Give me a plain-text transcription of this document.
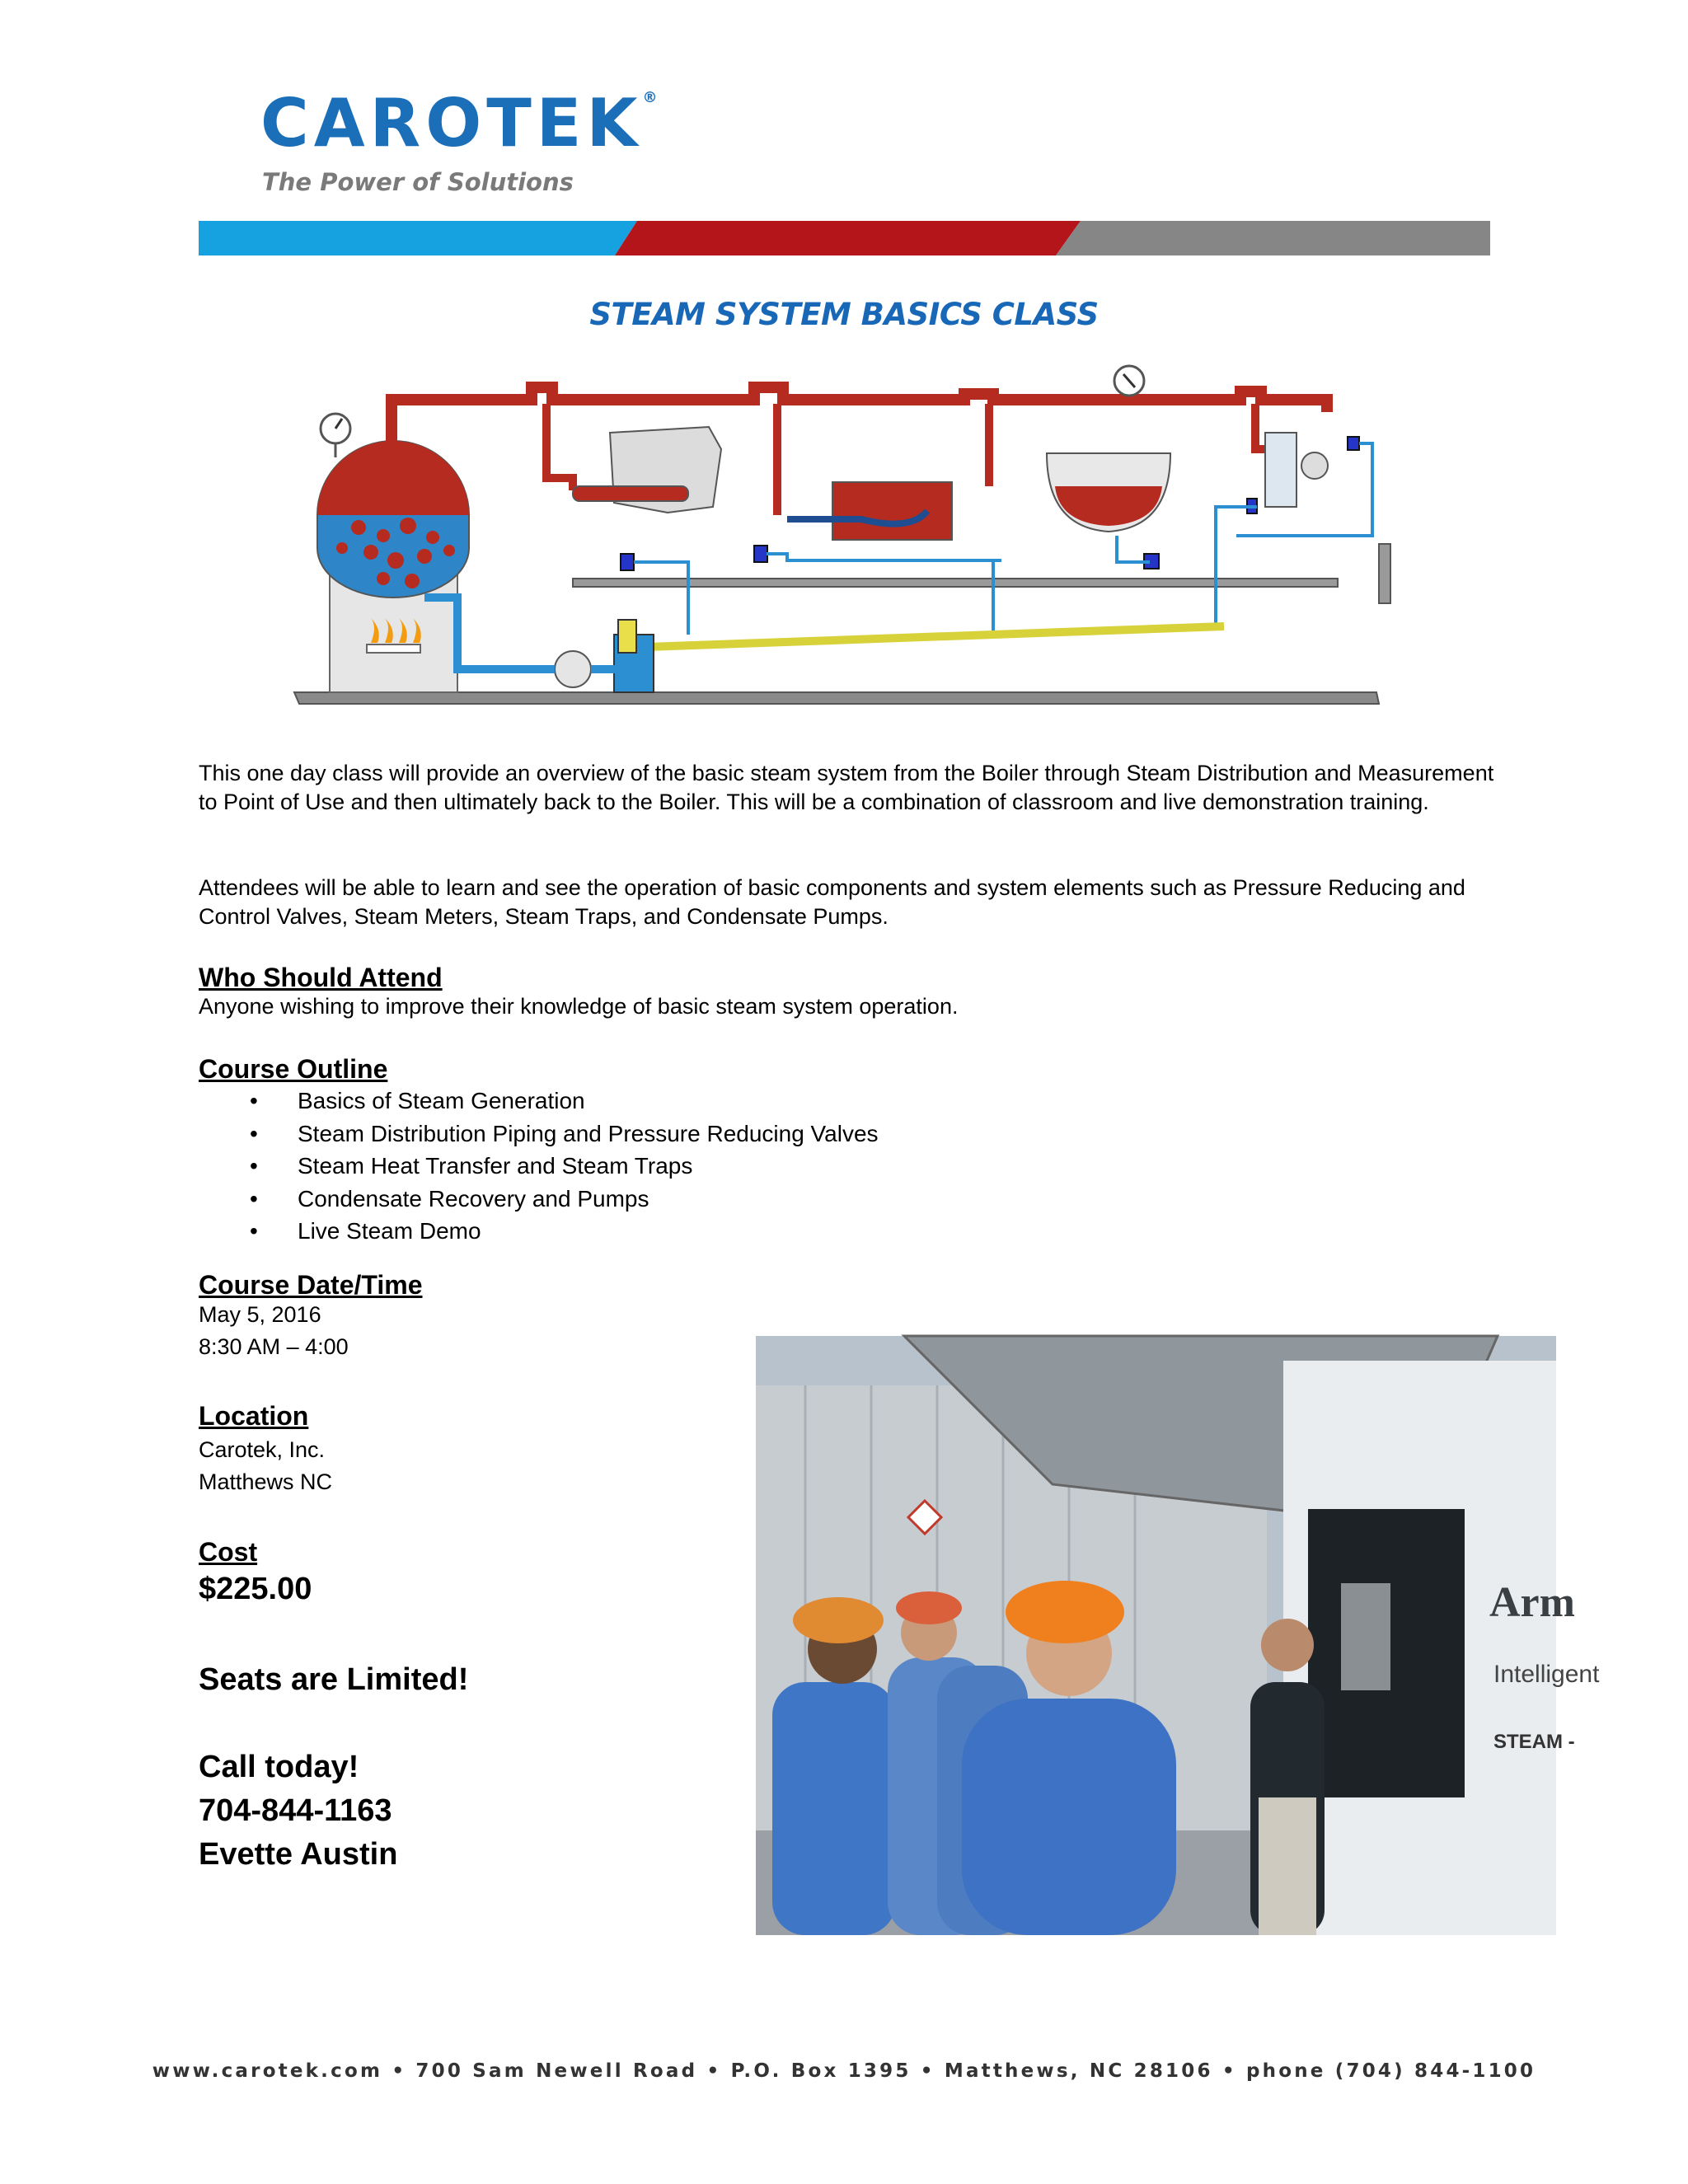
CAROTEK®
The Power of Solutions
STEAM SYSTEM BASICS CLASS
This one day class will provide an overview of the basic steam system from the Boiler through Steam Distribution and Measurement to Point of Use and then ultimately back to the Boiler. This will be a combination of classroom and live demonstration training.
Attendees will be able to learn and see the operation of basic components and system elements such as Pressure Reducing and Control Valves, Steam Meters, Steam Traps, and Condensate Pumps.
Who Should Attend
Anyone wishing to improve their knowledge of basic steam system operation.
Course Outline
• Basics of Steam Generation
• Steam Distribution Piping and Pressure Reducing Valves
• Steam Heat Transfer and Steam Traps
• Condensate Recovery and Pumps
• Live Steam Demo
Course Date/Time
May 5, 2016
8:30 AM – 4:00
Location
Carotek, Inc.
Matthews NC
Cost
$225.00
Seats are Limited!
Call today!
704-844-1163
Evette Austin
Arm
Intelligent
STEAM -
www.carotek.com • 700 Sam Newell Road • P.O. Box 1395 • Matthews, NC 28106 • phone (704) 844-1100
